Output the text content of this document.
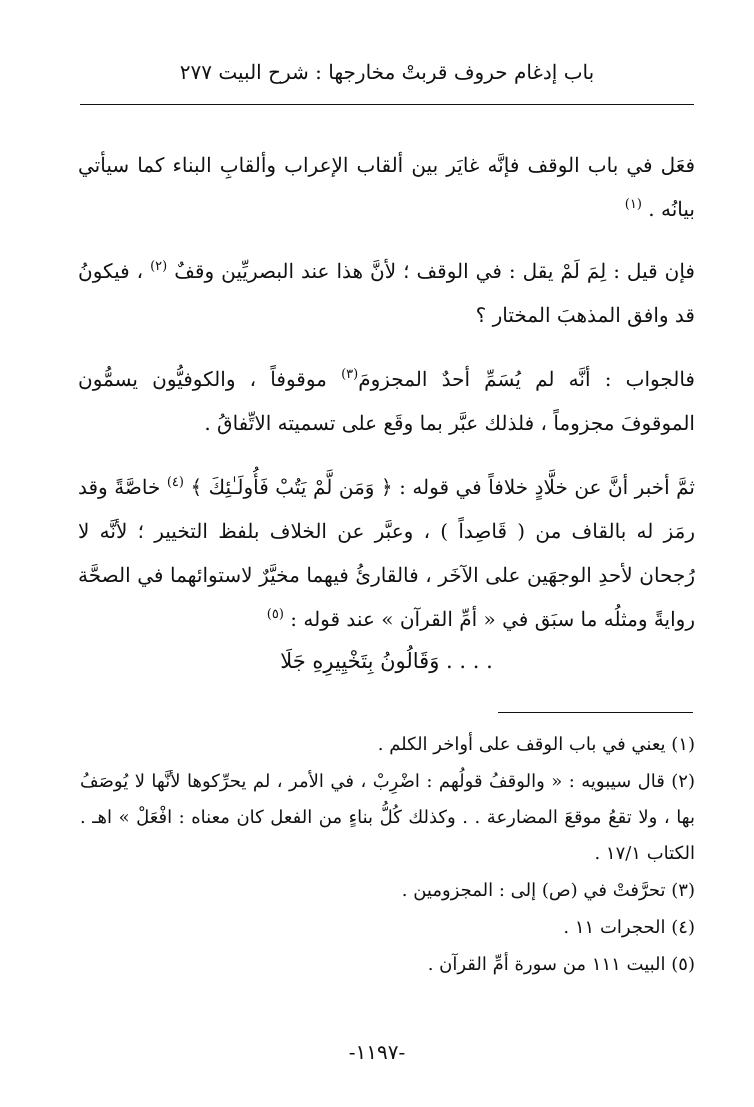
باب إدغام حروف قربتْ مخارجها : شرح البيت ٢٧٧

فعَل في باب الوقف فإنَّه غايَر بين ألقاب الإعراب وألقابِ البناء كما سيأتي بيانُه . $^{(١)}$

فإن قيل : لِمَ لَمْ يقل : في الوقف ؛ لأنَّ هذا عند البصريِّين وقفٌ $^{(٢)}$ ، فيكونُ قد وافق المذهبَ المختار ؟

فالجواب : أنَّه لم يُسَمِّ أحدٌ المجزومَ$^{(٣)}$ موقوفاً ، والكوفيُّون يسمُّون الموقوفَ مجزوماً ، فلذلك عبَّر بما وقَع على تسميته الاتِّفاقُ .

ثمَّ أخبر أنَّ عن خلَّادٍ خلافاً في قوله : ﴿ وَمَن لَّمْ يَتُبْ فَأُولَـٰئِكَ ﴾ $^{(٤)}$ خاصَّةً وقد رمَز له بالقاف من ( قَاصِداً ) ، وعبَّر عن الخلاف بلفظ التخيير ؛ لأنَّه لا رُجحان لأحدِ الوجهَين على الآخَر ، فالقارئُ فيهما مخيَّرٌ لاستوائهما في الصحَّة روايةً ومثلُه ما سبَق في « أمِّ القرآن » عند قوله : $^{(٥)}$

. . . . وَقَالُونُ بِتَخْيِيرِهِ جَلَا

(١) يعني في باب الوقف على أواخر الكلم .

(٢) قال سيبويه : « والوقفُ قولُهم : اضْرِبْ ، في الأمر ، لم يحرِّكوها لأنَّها لا يُوصَفُ بها ، ولا تقعُ موقعَ المضارعة . . وكذلك كُلُّ بناءٍ من الفعل كان معناه : افْعَلْ » اهـ . الكتاب ١٧/١ .

(٣) تحرَّفتْ في (ص) إلى : المجزومين .

(٤) الحجرات ١١ .

(٥) البيت ١١١ من سورة أمِّ القرآن .

-١١٩٧-
